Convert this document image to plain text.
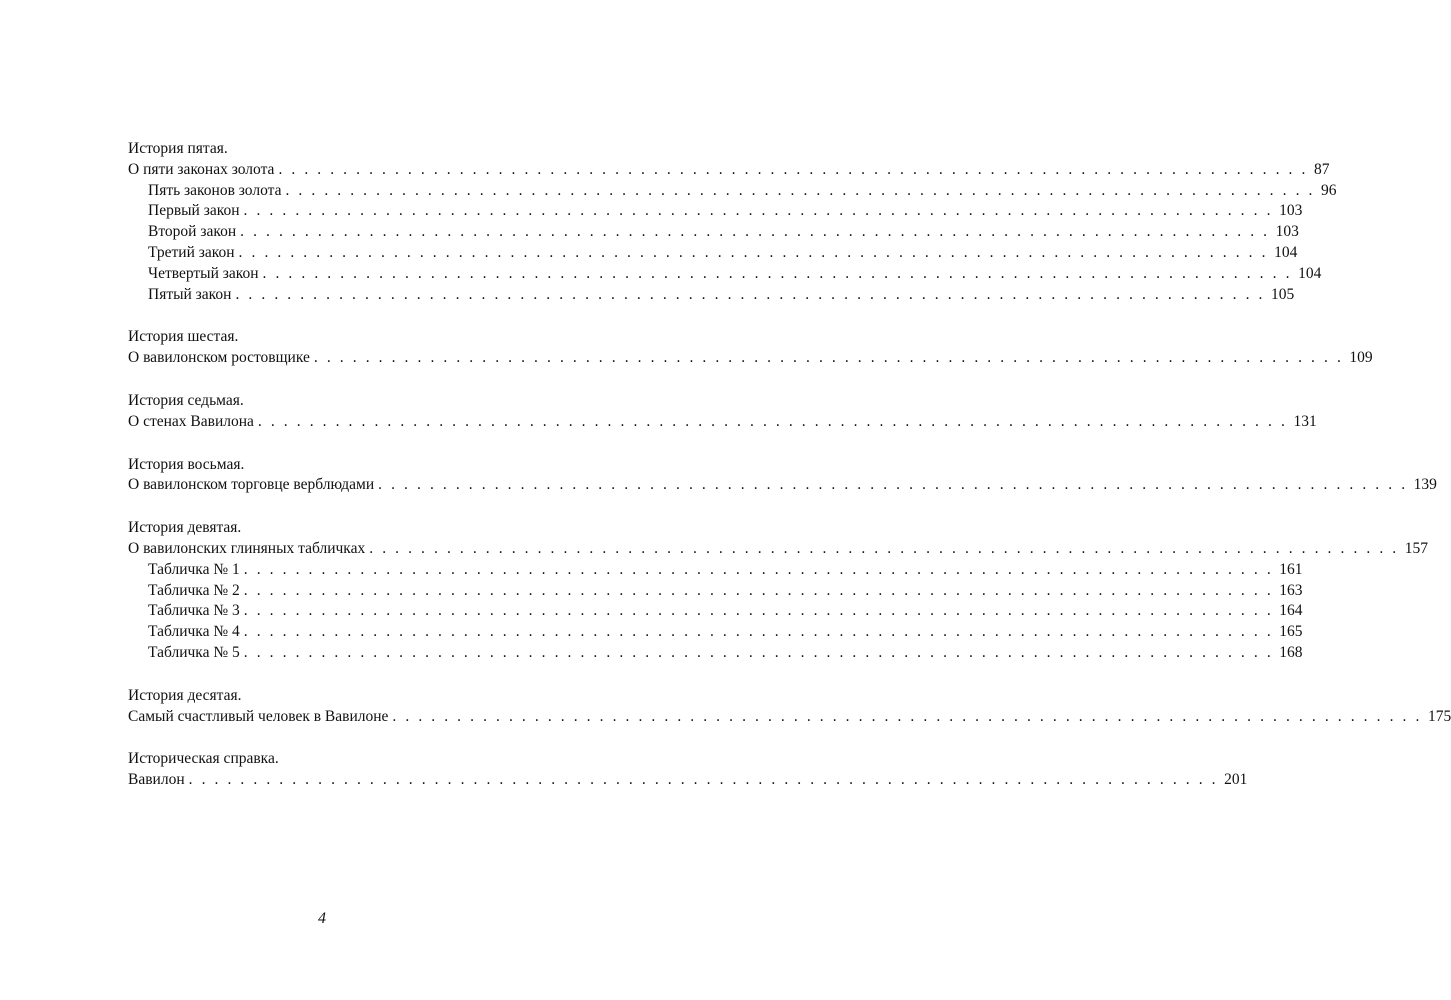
История пятая.
О пяти законах золота . . . . . . . . . . . . . . . . . . . . . . . . . . . . . . . . . . . . . . . . . . . . . . . . . . . . . . . . . . . . . . . . . . . . . . . . . . . . . . . . 87
Пять законов золота . . . . . . . . . . . . . . . . . . . . . . . . . . . . . . . . . . . . . . . . . . . . . . . . . . . . . . . . . . . . . . . . . . . . . . . . . . . . . . . . 96
Первый закон . . . . . . . . . . . . . . . . . . . . . . . . . . . . . . . . . . . . . . . . . . . . . . . . . . . . . . . . . . . . . . . . . . . . . . . . . . . . . . . . 103
Второй закон . . . . . . . . . . . . . . . . . . . . . . . . . . . . . . . . . . . . . . . . . . . . . . . . . . . . . . . . . . . . . . . . . . . . . . . . . . . . . . . . 103
Третий закон . . . . . . . . . . . . . . . . . . . . . . . . . . . . . . . . . . . . . . . . . . . . . . . . . . . . . . . . . . . . . . . . . . . . . . . . . . . . . . . . 104
Четвертый закон . . . . . . . . . . . . . . . . . . . . . . . . . . . . . . . . . . . . . . . . . . . . . . . . . . . . . . . . . . . . . . . . . . . . . . . . . . . . . . . . 104
Пятый закон . . . . . . . . . . . . . . . . . . . . . . . . . . . . . . . . . . . . . . . . . . . . . . . . . . . . . . . . . . . . . . . . . . . . . . . . . . . . . . . . 105
История шестая.
О вавилонском ростовщике . . . . . . . . . . . . . . . . . . . . . . . . . . . . . . . . . . . . . . . . . . . . . . . . . . . . . . . . . . . . . . . . . . . . . . . . . . . . . . . . 109
История седьмая.
О стенах Вавилона . . . . . . . . . . . . . . . . . . . . . . . . . . . . . . . . . . . . . . . . . . . . . . . . . . . . . . . . . . . . . . . . . . . . . . . . . . . . . . . . 131
История восьмая.
О вавилонском торговце верблюдами . . . . . . . . . . . . . . . . . . . . . . . . . . . . . . . . . . . . . . . . . . . . . . . . . . . . . . . . . . . . . . . . . . . . . . . . . . . . . . . . 139
История девятая.
О вавилонских глиняных табличках . . . . . . . . . . . . . . . . . . . . . . . . . . . . . . . . . . . . . . . . . . . . . . . . . . . . . . . . . . . . . . . . . . . . . . . . . . . . . . . . 157
Табличка № 1 . . . . . . . . . . . . . . . . . . . . . . . . . . . . . . . . . . . . . . . . . . . . . . . . . . . . . . . . . . . . . . . . . . . . . . . . . . . . . . . . 161
Табличка № 2 . . . . . . . . . . . . . . . . . . . . . . . . . . . . . . . . . . . . . . . . . . . . . . . . . . . . . . . . . . . . . . . . . . . . . . . . . . . . . . . . 163
Табличка № 3 . . . . . . . . . . . . . . . . . . . . . . . . . . . . . . . . . . . . . . . . . . . . . . . . . . . . . . . . . . . . . . . . . . . . . . . . . . . . . . . . 164
Табличка № 4 . . . . . . . . . . . . . . . . . . . . . . . . . . . . . . . . . . . . . . . . . . . . . . . . . . . . . . . . . . . . . . . . . . . . . . . . . . . . . . . . 165
Табличка № 5 . . . . . . . . . . . . . . . . . . . . . . . . . . . . . . . . . . . . . . . . . . . . . . . . . . . . . . . . . . . . . . . . . . . . . . . . . . . . . . . . 168
История десятая.
Самый счастливый человек в Вавилоне . . . . . . . . . . . . . . . . . . . . . . . . . . . . . . . . . . . . . . . . . . . . . . . . . . . . . . . . . . . . . . . . . . . . . . . . . . . . . . . . 175
Историческая справка.
Вавилон . . . . . . . . . . . . . . . . . . . . . . . . . . . . . . . . . . . . . . . . . . . . . . . . . . . . . . . . . . . . . . . . . . . . . . . . . . . . . . . . 201
4
